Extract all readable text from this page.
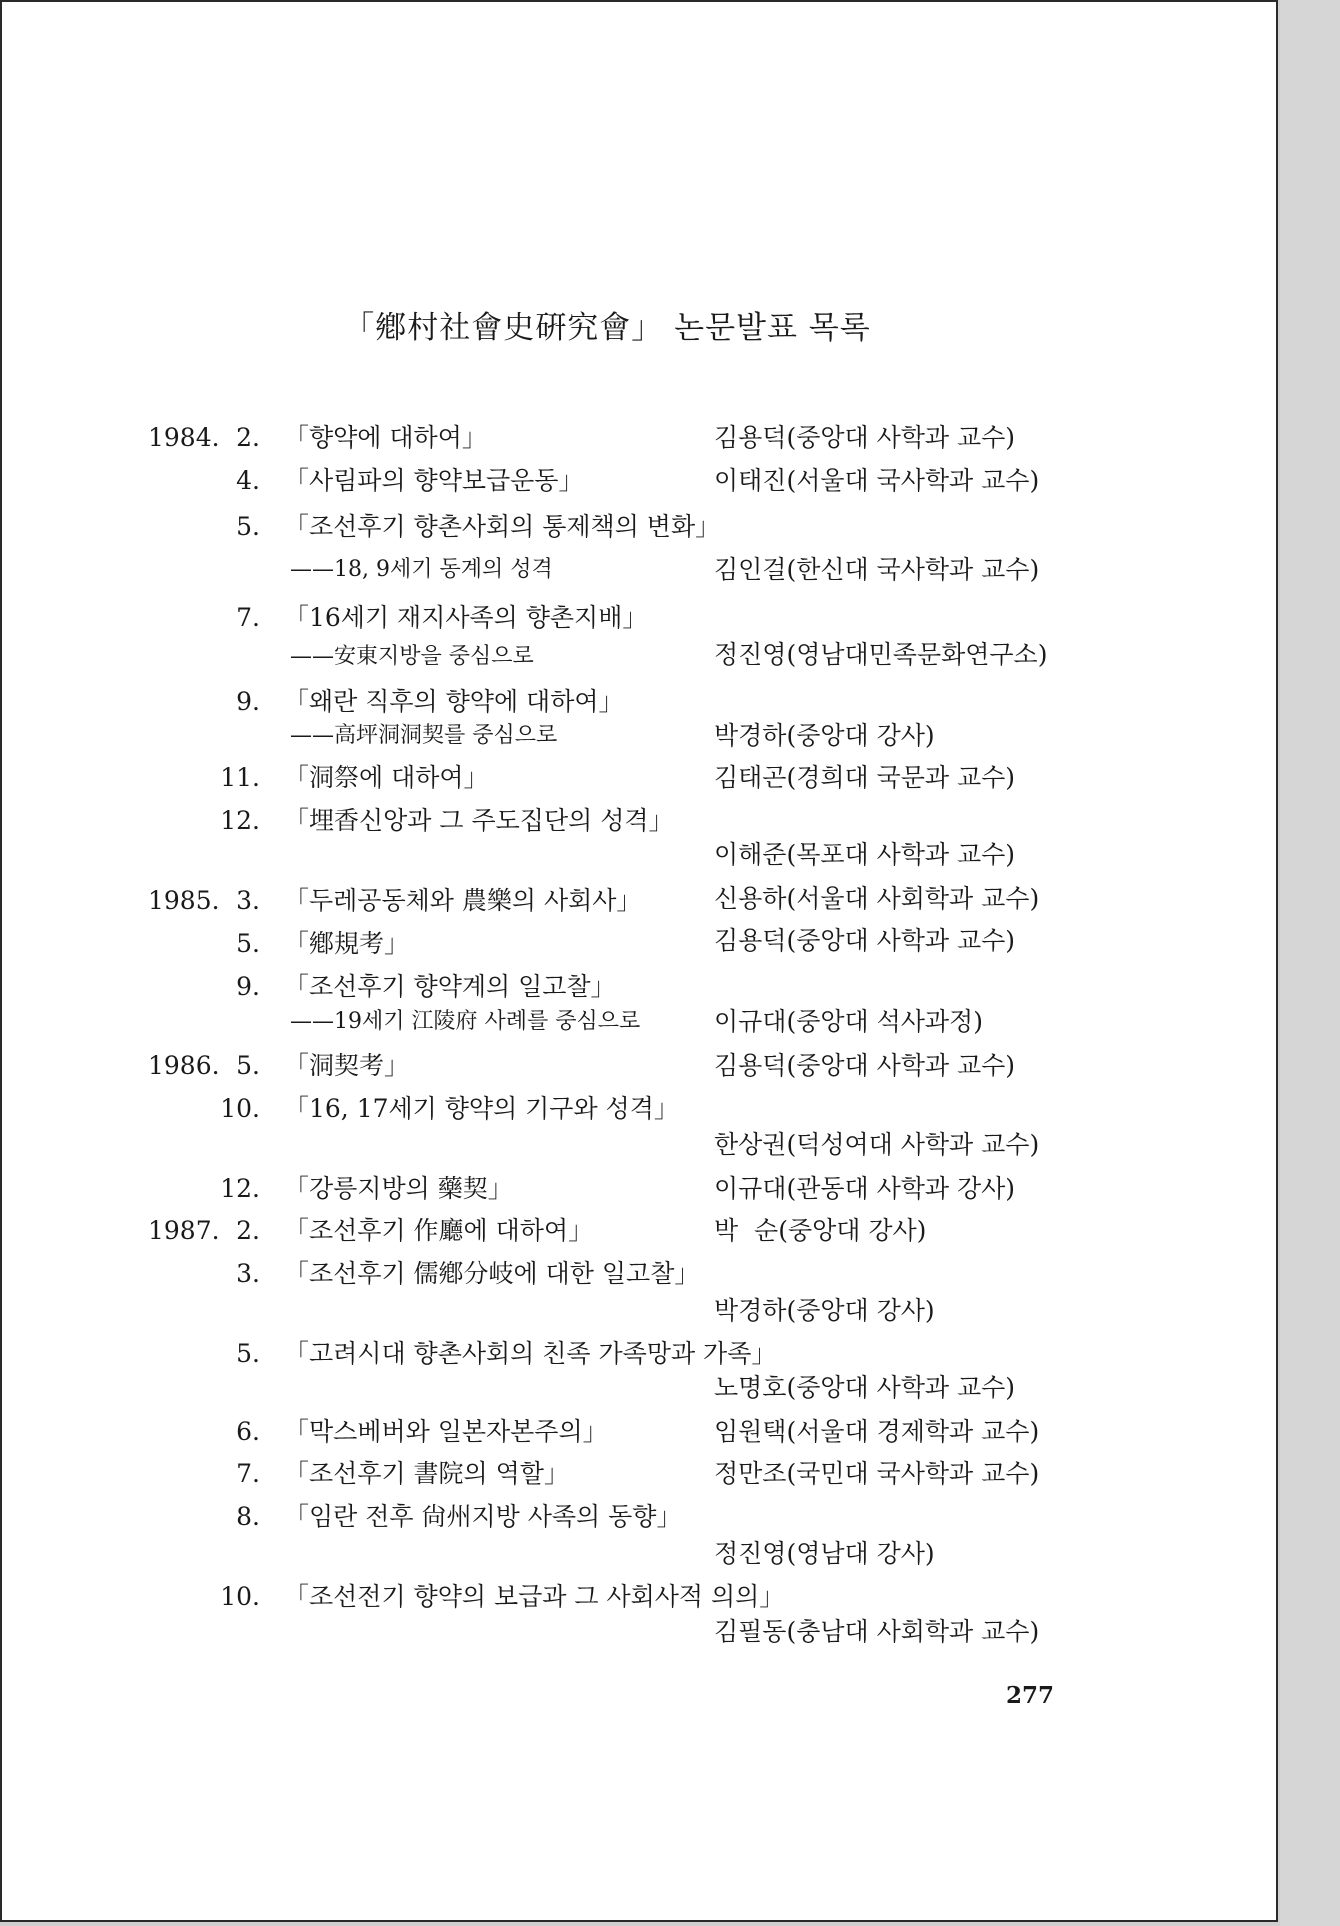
「鄕村社會史硏究會」 논문발표 목록
1984. 2. 「향약에 대하여」	김용덕(중앙대 사학과 교수)
4. 「사림파의 향약보급운동」	이태진(서울대 국사학과 교수)
5. 「조선후기 향촌사회의 통제책의 변화」
——18, 9세기 동계의 성격	김인걸(한신대 국사학과 교수)
7. 「16세기 재지사족의 향촌지배」
——安東지방을 중심으로	정진영(영남대민족문화연구소)
9. 「왜란 직후의 향약에 대하여」
——高坪洞洞契를 중심으로	박경하(중앙대 강사)
11. 「洞祭에 대하여」	김태곤(경희대 국문과 교수)
12. 「埋香신앙과 그 주도집단의 성격」
이해준(목포대 사학과 교수)
1985. 3. 「두레공동체와 農樂의 사회사」	신용하(서울대 사회학과 교수)
5. 「鄕規考」	김용덕(중앙대 사학과 교수)
9. 「조선후기 향약계의 일고찰」
——19세기 江陵府 사례를 중심으로	이규대(중앙대 석사과정)
1986. 5. 「洞契考」	김용덕(중앙대 사학과 교수)
10. 「16, 17세기 향약의 기구와 성격」
한상권(덕성여대 사학과 교수)
12. 「강릉지방의 藥契」	이규대(관동대 사학과 강사)
1987. 2. 「조선후기 作廳에 대하여」	박  순(중앙대 강사)
3. 「조선후기 儒鄕分岐에 대한 일고찰」
박경하(중앙대 강사)
5. 「고려시대 향촌사회의 친족 가족망과 가족」
노명호(중앙대 사학과 교수)
6. 「막스베버와 일본자본주의」	임원택(서울대 경제학과 교수)
7. 「조선후기 書院의 역할」	정만조(국민대 국사학과 교수)
8. 「임란 전후 尙州지방 사족의 동향」
정진영(영남대 강사)
10. 「조선전기 향약의 보급과 그 사회사적 의의」
김필동(충남대 사회학과 교수)
277
